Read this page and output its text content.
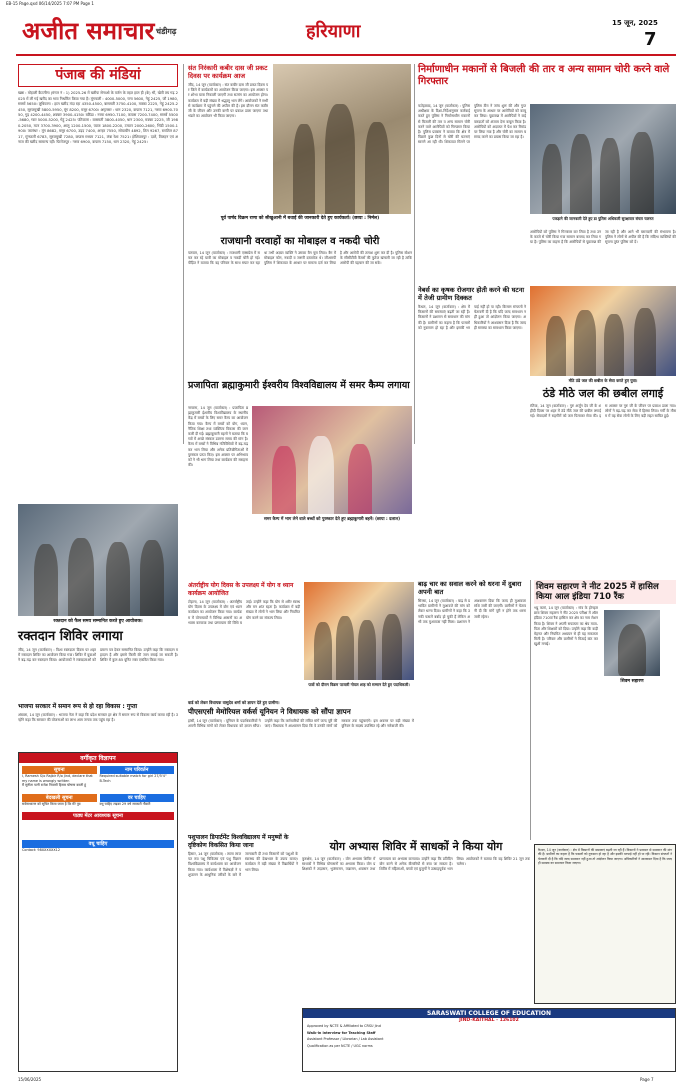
EB-15 Page.qxd 06/14/2025 7:07 PM Page 1
अजीत समाचार चंडीगढ़	हरियाणा	15 जून, 2025
7
पंजाब की मंडियां
खन्ना : मोहाली कैटलीना (मंगल नं : 1) 2025-26 में खरीफ सेनाओ के वर्जन के तहत हाल ही (के) भी, खेती तय गढ़ 2025 में ली गई खरीद का भाव निर्धारित किया गया है। मूंगफली : 4000-5000, चना 5600, गेहूं 2425, जौ 1980, सरसों 5650। लुधियाना : हाल खरीद मंदा रहा 4350-4500, बासमती 3750-4100, मक्का 2225, गेहूं 2425-2450, सूरजमुखी 5800-5950, मूंग 8200, मसूर 6700। अमृतसर : धान 2320, कपास 7121, नरमा 6900-7050, गुड़ 4200-4450, शक्कर 3900-4150। बठिंडा : नरमा 6950-7100, कपास 7200-7400, सरसों 5500-5680, ग्वार 5000-5200, गेहूं 2425। पटियाला : बासमती 3800-4050, धान 2300, मक्का 2225, जौ 1980-2050, मटर 3700-3900, आलू 1200-1500, प्याज 1800-2200, टमाटर 2000-2600, भिंडी 1500-1900। जालंधर : मूंग 8682, मसूर 6700, उड़द 7400, अरहर 7550, सोयाबीन 4892, तिल 9267, रामतिल 8717, मूंगफली 6783, सूरजमुखी 7280, कपास मध्यम 7121, लंबा रेशा 7521। होशियारपुर : दालें, तिलहन एवं अनाज की खरीद सामान्य रही। फिरोजपुर : नरमा 6900, कपास 7150, धान 2320, गेहूं 2425।
संत निरंकारी कबीर दास जी प्रकट दिवस पर कार्यक्रम आज
जींद, 14 जून (वार्ताकार) : संत कबीर दास जी प्रकट दिवस पर जिले में कार्यक्रमों का आयोजन किया जाएगा। इस अवसर पर शोभा यात्रा निकाली जाएगी तथा सत्संग का आयोजन होगा। कार्यक्रम में बड़ी संख्या में श्रद्धालु भाग लेंगे। आयोजकों ने सभी से कार्यक्रम में पहुंचने की अपील की है। इस दौरान संत कबीर जी के जीवन और उनकी वाणी पर प्रकाश डाला जाएगा तथा भंडारे का आयोजन भी किया जाएगा।
पूर्व पार्षद विक्रम राणा को सीखुआनी में बधाई की जानकारी देते हुए कार्यकर्ता। (छाया : निर्मल)
राजधानी वरवाहों का मोबाइल व नकदी चोरी
पलवल, 14 जून (वार्ताकार) : राजधानी एक्सप्रेस में सफर कर रहे यात्री का मोबाइल व नकदी चोरी हो गई। पीड़ित ने बताया कि वह परिवार के साथ सफर कर रहा था तभी अज्ञात व्यक्ति ने उसका बैग चुरा लिया। बैग में मोबाइल फोन, नकदी व जरूरी दस्तावेज थे। जीआरपी पुलिस ने शिकायत के आधार पर मामला दर्ज कर लिया है और आरोपी की तलाश शुरू कर दी है। पुलिस स्टेशन के सीसीटीवी कैमरों की फुटेज खंगाली जा रही है ताकि आरोपी की पहचान की जा सके।
निर्माणाधीन मकानों से बिजली की तार व अन्य सामान चोरी करने वाले गिरफ्तार
फतेहाबाद, 14 जून (वार्ताकार) : पुलिस अधीक्षक के दिशा-निर्देशानुसार कार्रवाई करते हुए पुलिस ने निर्माणाधीन मकानों से बिजली की तार व अन्य सामान चोरी करने वाले आरोपियों को गिरफ्तार किया है। पुलिस प्रवक्ता ने बताया कि क्षेत्र में पिछले कुछ दिनों से चोरी की घटनाएं सामने आ रही थीं। शिकायत मिलने पर पुलिस टीम ने जांच शुरू की और गुप्त सूचना के आधार पर आरोपियों को काबू कर लिया। पूछताछ में आरोपियों ने कई वारदातों को अंजाम देना कबूल किया है। आरोपियों को अदालत में पेश कर रिमांड पर लिया गया है और चोरी का सामान बरामद करने का प्रयास किया जा रहा है।
पकड़ाने की जानकारी देते हुए डा पुलिस अधिकारी सुरक्षावार संचार चलनत
आरोपियों को पुलिस ने गिरफ्तार कर लिया है तथा उनके कब्जे से चोरी किया गया सामान बरामद कर लिया गया है। पुलिस का कहना है कि आरोपियों से पूछताछ की जा रही है और आगे भी बरामदगी की संभावना है। पुलिस ने लोगों से अपील की है कि संदिग्ध व्यक्तियों की सूचना तुरंत पुलिस को दें।
प्रजापिता ब्रह्माकुमारी ईश्वरीय विश्वविद्यालय में समर कैम्प लगाया
नरवाना, 14 जून (वार्ताकार) : प्रजापिता ब्रह्माकुमारी ईश्वरीय विश्वविद्यालय के स्थानीय केंद्र में बच्चों के लिए समर कैम्प का आयोजन किया गया। कैम्प में बच्चों को योग, ध्यान, नैतिक शिक्षा तथा व्यक्तित्व विकास की जानकारी दी गई। ब्रह्माकुमारी बहनों ने बताया कि बच्चों में अच्छे संस्कार डालना समय की मांग है। कैम्प में बच्चों ने विभिन्न गतिविधियों में बढ़-चढ़ कर भाग लिया और अनेक प्रतियोगिताओं में पुरस्कार प्राप्त किए। इस अवसर पर अभिभावकों ने भी भाग लिया तथा कार्यक्रम की सराहना की।
समर कैम्प में भाग लेने वाले बच्चों को पुरस्कार देते हुए ब्रह्माकुमारी बहनें। (छाया : दलाल)
नेबर्स का कृषक रोजगार होती करने की घटना में तेजी ग्रामीण दिक्कत
कैथल, 14 जून (वार्ताकार) : क्षेत्र में किसानों की समस्याएं बढ़ती जा रही हैं। किसानों ने प्रशासन से समाधान की मांग की है। ग्रामीणों का कहना है कि फसलों को नुकसान हो रहा है और इसकी भरपाई नहीं हो पा रही। किसान संगठनों ने चेतावनी दी है कि यदि जल्द समाधान नहीं हुआ तो आंदोलन किया जाएगा। अधिकारियों ने आश्वासन दिया है कि जल्द ही समस्या का समाधान किया जाएगा।
मीठे ठंडे जल की छबील के सेवा करते हुए युवा।
ठंडे मीठे जल की छबील लगाई
रतिया, 14 जून (वार्ताकार) : गुरु अर्जुन देव जी के शहीदी दिवस पर शहर में ठंडे मीठे जल की छबील लगाई गई। सेवादारों ने राहगीरों को जल पिलाकर सेवा की। इस अवसर पर गुरु जी के जीवन पर प्रकाश डाला गया। लोगों ने बढ़-चढ़ कर सेवा में हिस्सा लिया। गर्मी के मौसम में यह सेवा लोगों के लिए बड़ी राहत साबित हुई।
रक्तदान को फैल समय सम्मानित करते हुए आयोजक।
रक्तदान शिविर लगाया
जींद, 14 जून (वार्ताकार) : विश्व रक्तदाता दिवस पर शहर में रक्तदान शिविर का आयोजन किया गया। शिविर में युवाओं ने बढ़-चढ़ कर रक्तदान किया। आयोजकों ने रक्तदाताओं को प्रमाण पत्र देकर सम्मानित किया। उन्होंने कहा कि रक्तदान महादान है और इससे किसी की जान बचाई जा सकती है। शिविर में कुल 85 यूनिट रक्त एकत्रित किया गया।
अंतर्राष्ट्रीय योग दिवस के उपलक्ष्य में योग व ध्यान कार्यक्रम आयोजित
टोहाना, 14 जून (वार्ताकार) : अंतर्राष्ट्रीय योग दिवस के उपलक्ष्य में योग एवं ध्यान कार्यक्रम का आयोजन किया गया। कार्यक्रम में योगाचार्यों ने विभिन्न आसनों का अभ्यास करवाया तथा प्राणायाम की विधि बताई। उन्होंने कहा कि योग से शरीर स्वस्थ और मन शांत रहता है। कार्यक्रम में बड़ी संख्या में लोगों ने भाग लिया और नियमित योग करने का संकल्प लिया।
पात्रों को दौरान विक्रम पटवारी गोयल शाह को सम्मान देते हुए पदाधिकारी।
वार्ड को लेकर विधायक वासुदेव शर्मा को ज्ञापन देते हुए ग्रामीण।
पीएसएसी मेमोरियल वर्कर्स यूनियन ने विधायक को सौंपा ज्ञापन
हांसी, 14 जून (वार्ताकार) : यूनियन के पदाधिकारियों ने अपनी विभिन्न मांगों को लेकर विधायक को ज्ञापन सौंपा। उन्होंने कहा कि कर्मचारियों की लंबित मांगें जल्द पूरी की जाएं। विधायक ने आश्वासन दिया कि वे उनकी मांगों को सरकार तक पहुंचाएंगे। इस अवसर पर बड़ी संख्या में यूनियन के सदस्य उपस्थित रहे और नारेबाजी की।
बाढ़ चार का सवाल करने को धरना में दुबारा अपनी बात
सिरसा, 14 जून (वार्ताकार) : बाढ़ से प्रभावित ग्रामीणों ने मुआवजे की मांग को लेकर धरना दिया। ग्रामीणों ने कहा कि उनकी फसलें बर्बाद हो चुकी हैं लेकिन अभी तक मुआवजा नहीं मिला। प्रशासन ने आश्वासन दिया कि जल्द ही मुआवजा राशि जारी की जाएगी। ग्रामीणों ने चेतावनी दी कि मांगें पूरी न होने तक धरना जारी रहेगा।
शिवम सहारण ने नीट 2025 में हासिल किया आल इंडिया 710 रैंक
भट्टू कलां, 14 जून (वार्ताकार) : गांव के होनहार छात्र शिवम सहारण ने नीट 2025 परीक्षा में ऑल इंडिया 710वां रैंक हासिल कर क्षेत्र का नाम रोशन किया है। शिवम ने अपनी सफलता का श्रेय माता-पिता और शिक्षकों को दिया। उन्होंने कहा कि कड़ी मेहनत और नियमित अध्ययन से ही यह सफलता मिली है। परिवार और ग्रामीणों ने मिठाई बांट कर खुशी मनाई।
शिवम सहारण
भाजपा सरकार में समान रूप से हो रहा विकास : गुप्ता
अंबाला, 14 जून (वार्ताकार) : भाजपा नेता ने कहा कि प्रदेश सरकार हर क्षेत्र में समान रूप से विकास कार्य करवा रही है। उन्होंने कहा कि सरकार की योजनाओं का लाभ आम जनता तक पहुंच रहा है।
वर्गीकृत विज्ञापन
सूचना
I, Ramesh S/o Rajbir R/o Jind, declare that my name is wrongly written
मैं सुनीता पत्नी राजेश निवासी हिसार घोषणा करती हूं
नाम परिवर्तन
Required suitable match for girl 27/5'4" B.Tech
बेदखली सूचना
सर्वसाधारण को सूचित किया जाता है कि मेरे पुत्र
वर चाहिए
वधू चाहिए लड़का 29 वर्ष सरकारी नौकरी
पाठ्य मेंटर आवश्यक सूचना
वधू चाहिए
Contact: 98XXXXXX12
पशुपालन डिपार्टमेंट विश्वविद्यालय में मनुष्यों के दृष्टिकोण विकसित किया जाना
हिसार, 14 जून (वार्ताकार) : लाला लाजपत राय पशु चिकित्सा एवं पशु विज्ञान विश्वविद्यालय में कार्यशाला का आयोजन किया गया। कार्यशाला में विशेषज्ञों ने पशुपालन के आधुनिक तरीकों के बारे में जानकारी दी तथा किसानों को पशुओं के स्वास्थ्य की देखभाल के उपाय बताए। कार्यक्रम में बड़ी संख्या में विद्यार्थियों ने भाग लिया।
योग अभ्यास शिविर में साधकों ने किया योग
कुरुक्षेत्र, 14 जून (वार्ताकार) : योग अभ्यास शिविर में साधकों ने विभिन्न योगासनों का अभ्यास किया। योग प्रशिक्षकों ने ताड़ासन, भुजंगासन, वज्रासन, शवासन तथा प्राणायाम का अभ्यास करवाया। उन्होंने कहा कि प्रतिदिन योग करने से अनेक बीमारियों से बचा जा सकता है। शिविर में महिलाओं, बच्चों एवं बुजुर्गों ने उत्साहपूर्वक भाग लिया। आयोजकों ने बताया कि यह शिविर 21 जून तक चलेगा।
कैथल, 14 जून (वार्ताकार) : क्षेत्र में किसानों की समस्याएं बढ़ती जा रही हैं। किसानों ने प्रशासन से समाधान की मांग की है। ग्रामीणों का कहना है कि फसलों को नुकसान हो रहा है और इसकी भरपाई नहीं हो पा रही। किसान संगठनों ने चेतावनी दी है कि यदि जल्द समाधान नहीं हुआ तो आंदोलन किया जाएगा। अधिकारियों ने आश्वासन दिया है कि जल्द ही समस्या का समाधान किया जाएगा।
SARASWATI COLLEGE OF EDUCATION
JIND-KAITHAL - 126102
Approved by NCTE & Affiliated to CRSU Jind
Walk-in Interview for Teaching Staff
Assistant Professor / Librarian / Lab Assistant
Qualification as per NCTE / UGC norms
15/06/2025	Page 7
